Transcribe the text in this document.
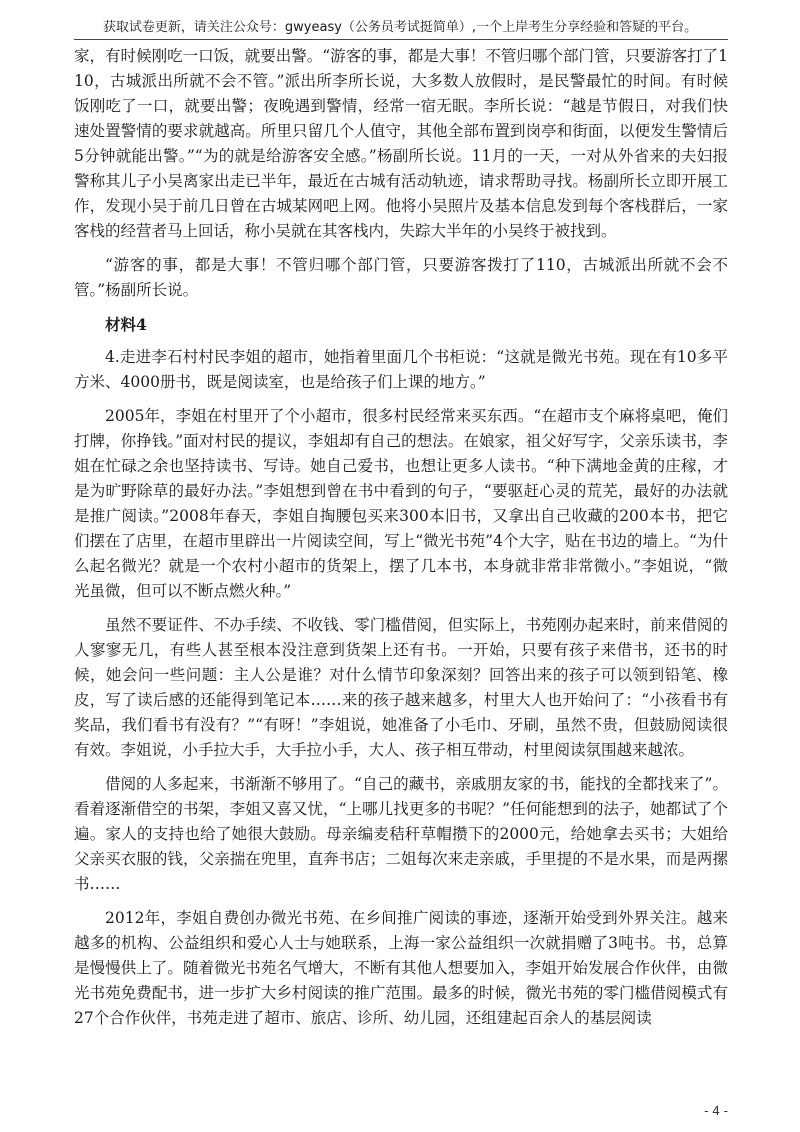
获取试卷更新，请关注公众号：gwyeasy（公务员考试挺简单）,一个上岸考生分享经验和答疑的平台。

家，有时候刚吃一口饭，就要出警。“游客的事，都是大事！不管归哪个部门管，只要游客打了110，古城派出所就不会不管。”派出所李所长说，大多数人放假时，是民警最忙的时间。有时候饭刚吃了一口，就要出警；夜晚遇到警情，经常一宿无眠。李所长说：“越是节假日，对我们快速处置警情的要求就越高。所里只留几个人值守，其他全部布置到岗亭和街面，以便发生警情后5分钟就能出警。”“为的就是给游客安全感。”杨副所长说。11月的一天，一对从外省来的夫妇报警称其儿子小吴离家出走已半年，最近在古城有活动轨迹，请求帮助寻找。杨副所长立即开展工作，发现小吴于前几日曾在古城某网吧上网。他将小吴照片及基本信息发到每个客栈群后，一家客栈的经营者马上回话，称小吴就在其客栈内，失踪大半年的小吴终于被找到。

“游客的事，都是大事！不管归哪个部门管，只要游客拨打了110，古城派出所就不会不管。”杨副所长说。

材料4

4.走进李石村村民李姐的超市，她指着里面几个书柜说：“这就是微光书苑。现在有10多平方米、4000册书，既是阅读室，也是给孩子们上课的地方。”

2005年，李姐在村里开了个小超市，很多村民经常来买东西。“在超市支个麻将桌吧，俺们打牌，你挣钱。”面对村民的提议，李姐却有自己的想法。在娘家，祖父好写字，父亲乐读书，李姐在忙碌之余也坚持读书、写诗。她自己爱书，也想让更多人读书。“种下满地金黄的庄稼，才是为旷野除草的最好办法。”李姐想到曾在书中看到的句子，“要驱赶心灵的荒芜，最好的办法就是推广阅读。”2008年春天，李姐自掏腰包买来300本旧书，又拿出自己收藏的200本书，把它们摆在了店里，在超市里辟出一片阅读空间，写上“微光书苑”4个大字，贴在书边的墙上。“为什么起名微光？就是一个农村小超市的货架上，摆了几本书，本身就非常非常微小。”李姐说，“微光虽微，但可以不断点燃火种。”

虽然不要证件、不办手续、不收钱、零门槛借阅，但实际上，书苑刚办起来时，前来借阅的人寥寥无几，有些人甚至根本没注意到货架上还有书。一开始，只要有孩子来借书，还书的时候，她会问一些问题：主人公是谁？对什么情节印象深刻？回答出来的孩子可以领到铅笔、橡皮，写了读后感的还能得到笔记本……来的孩子越来越多，村里大人也开始问了：“小孩看书有奖品，我们看书有没有？”“有呀！”李姐说，她准备了小毛巾、牙刷，虽然不贵，但鼓励阅读很有效。李姐说，小手拉大手，大手拉小手，大人、孩子相互带动，村里阅读氛围越来越浓。

借阅的人多起来，书渐渐不够用了。“自己的藏书，亲戚朋友家的书，能找的全都找来了”。看着逐渐借空的书架，李姐又喜又忧，“上哪儿找更多的书呢？”任何能想到的法子，她都试了个遍。家人的支持也给了她很大鼓励。母亲编麦秸秆草帽攒下的2000元，给她拿去买书；大姐给父亲买衣服的钱，父亲揣在兜里，直奔书店；二姐每次来走亲戚，手里提的不是水果，而是两摞书……

2012年，李姐自费创办微光书苑、在乡间推广阅读的事迹，逐渐开始受到外界关注。越来越多的机构、公益组织和爱心人士与她联系，上海一家公益组织一次就捐赠了3吨书。书，总算是慢慢供上了。随着微光书苑名气增大，不断有其他人想要加入，李姐开始发展合作伙伴，由微光书苑免费配书，进一步扩大乡村阅读的推广范围。最多的时候，微光书苑的零门槛借阅模式有27个合作伙伴，书苑走进了超市、旅店、诊所、幼儿园，还组建起百余人的基层阅读

- 4 -
